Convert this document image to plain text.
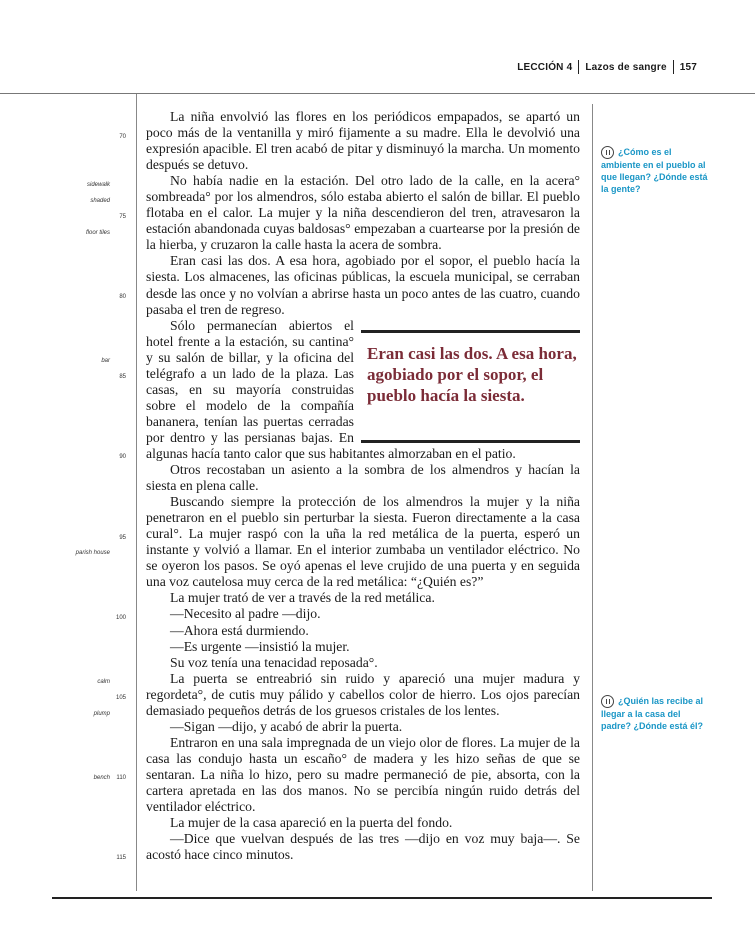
LECCIÓN 4 Lazos de sangre 157
sidewalk
shaded
floor tiles
bar
parish house
calm
plump
bench
70
75
80
85
90
95
100
105
110
115

La niña envolvió las flores en los periódicos empapados, se apartó un poco más de la ventanilla y miró fijamente a su madre. Ella le devolvió una expresión apacible. El tren acabó de pitar y disminuyó la marcha. Un momento después se detuvo.

No había nadie en la estación. Del otro lado de la calle, en la acera° sombreada° por los almendros, sólo estaba abierto el salón de billar. El pueblo flotaba en el calor. La mujer y la niña descendieron del tren, atravesaron la estación abandonada cuyas baldosas° empezaban a cuartearse por la presión de la hierba, y cruzaron la calle hasta la acera de sombra.

Eran casi las dos. A esa hora, agobiado por el sopor, el pueblo hacía la siesta. Los almacenes, las oficinas públicas, la escuela municipal, se cerraban desde las once y no volvían a abrirse hasta un poco antes de las cuatro, cuando pasaba el tren de regreso.

Sólo permanecían abiertos el hotel frente a la estación, su cantina° y su salón de billar, y la oficina del telégrafo a un lado de la plaza. Las casas, en su mayoría construidas sobre el modelo de la compañía bananera, tenían las puertas cerradas por dentro y las persianas bajas. En algunas hacía tanto calor que sus habitantes almorzaban en el patio.

Otros recostaban un asiento a la sombra de los almendros y hacían la siesta en plena calle.

Buscando siempre la protección de los almendros la mujer y la niña penetraron en el pueblo sin perturbar la siesta. Fueron directamente a la casa cural°. La mujer raspó con la uña la red metálica de la puerta, esperó un instante y volvió a llamar. En el interior zumbaba un ventilador eléctrico. No se oyeron los pasos. Se oyó apenas el leve crujido de una puerta y en seguida una voz cautelosa muy cerca de la red metálica: “¿Quién es?”

La mujer trató de ver a través de la red metálica.

—Necesito al padre —dijo.

—Ahora está durmiendo.

—Es urgente —insistió la mujer.

Su voz tenía una tenacidad reposada°.

La puerta se entreabrió sin ruido y apareció una mujer madura y regordeta°, de cutis muy pálido y cabellos color de hierro. Los ojos parecían demasiado pequeños detrás de los gruesos cristales de los lentes.

—Sigan —dijo, y acabó de abrir la puerta.

Entraron en una sala impregnada de un viejo olor de flores. La mujer de la casa las condujo hasta un escaño° de madera y les hizo señas de que se sentaran. La niña lo hizo, pero su madre permaneció de pie, absorta, con la cartera apretada en las dos manos. No se percibía ningún ruido detrás del ventilador eléctrico.

La mujer de la casa apareció en la puerta del fondo.

—Dice que vuelvan después de las tres —dijo en voz muy baja—. Se acostó hace cinco minutos.

Eran casi las dos. A esa hora, agobiado por el sopor, el pueblo hacía la siesta.
¿Cómo es el ambiente en el pueblo al que llegan? ¿Dónde está la gente?
¿Quién las recibe al llegar a la casa del padre? ¿Dónde está él?
